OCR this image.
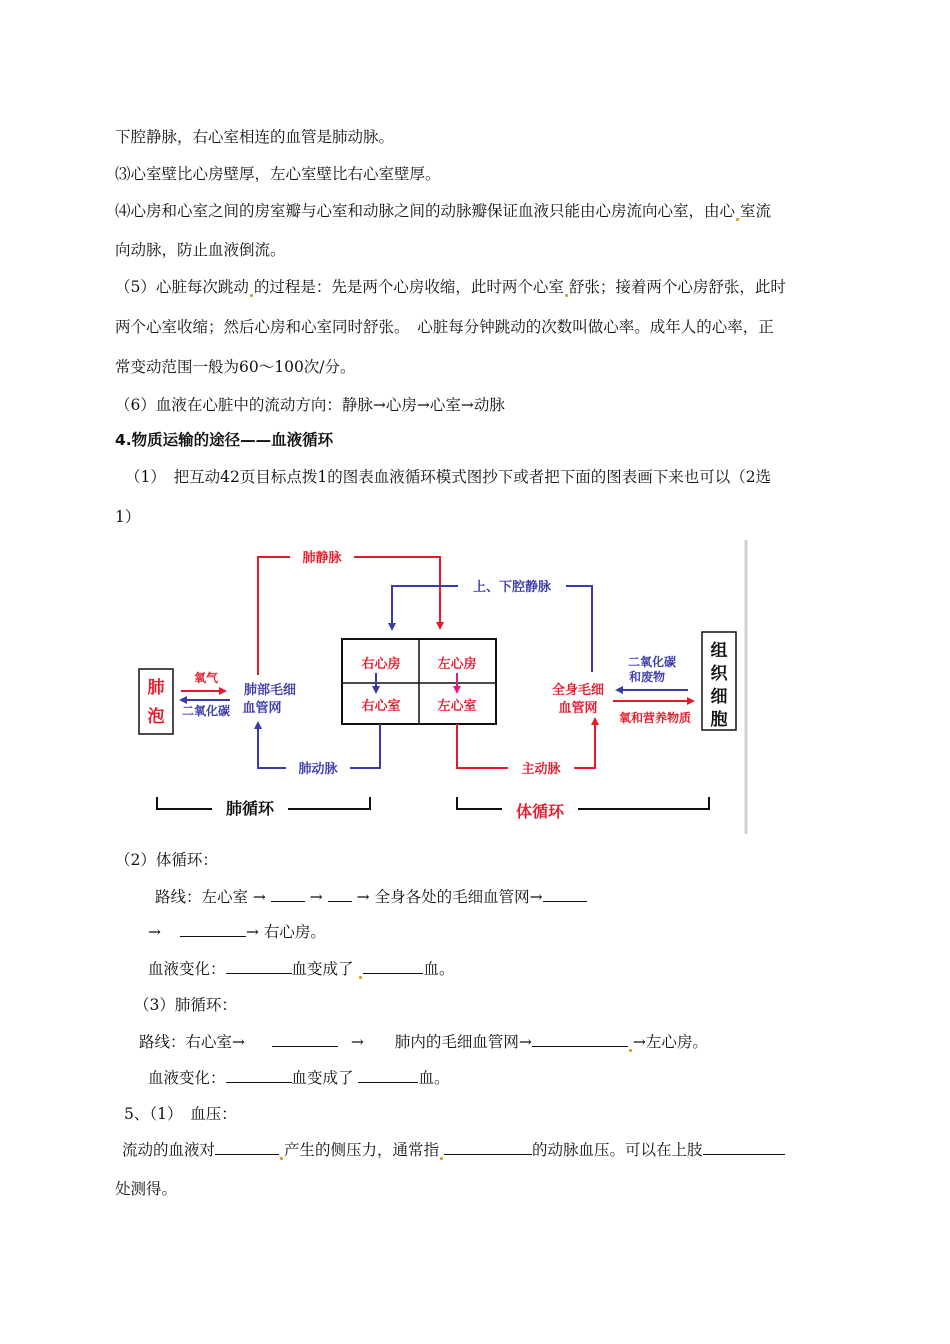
下腔静脉，右心室相连的血管是肺动脉。
⑶心室壁比心房壁厚，左心室壁比右心室壁厚。
⑷心房和心室之间的房室瓣与心室和动脉之间的动脉瓣保证血液只能由心房流向心室，由心 室流
向动脉，防止血液倒流。
（5）心脏每次跳动 的过程是：先是两个心房收缩，此时两个心室 舒张；接着两个心房舒张，此时
两个心室收缩；然后心房和心室同时舒张。　心脏每分钟跳动的次数叫做心率。成年人的心率，正
常变动范围一般为60～100次/分。
（6）血液在心脏中的流动方向：静脉→心房→心室→动脉
4.物质运输的途径——血液循环
（1）　把互动42页目标点拨1的图表血液循环模式图抄下或者把下面的图表画下来也可以（2选
1）
肺静脉
上、下腔静脉
右心房	左心房
右心室	左心室
肺
泡
氧气
二氧化碳
肺部毛细
血管网
全身毛细
血管网
二氧化碳
和废物
氧和营养物质
组
织
细
胞
肺动脉	主动脉
肺循环	体循环
（2）体循环：
路线：左心室 →	→ → 全身各处的毛细血管网→
→	→ 右心房。
血液变化：	血变成了	血。
（3）肺循环：
路线：右心室→	→　　肺内的毛细血管网→	→左心房。
血液变化：	血变成了	血。
5、（1）　血压：
流动的血液对	产生的侧压力，通常指	的动脉血压。可以在上肢
处测得。
